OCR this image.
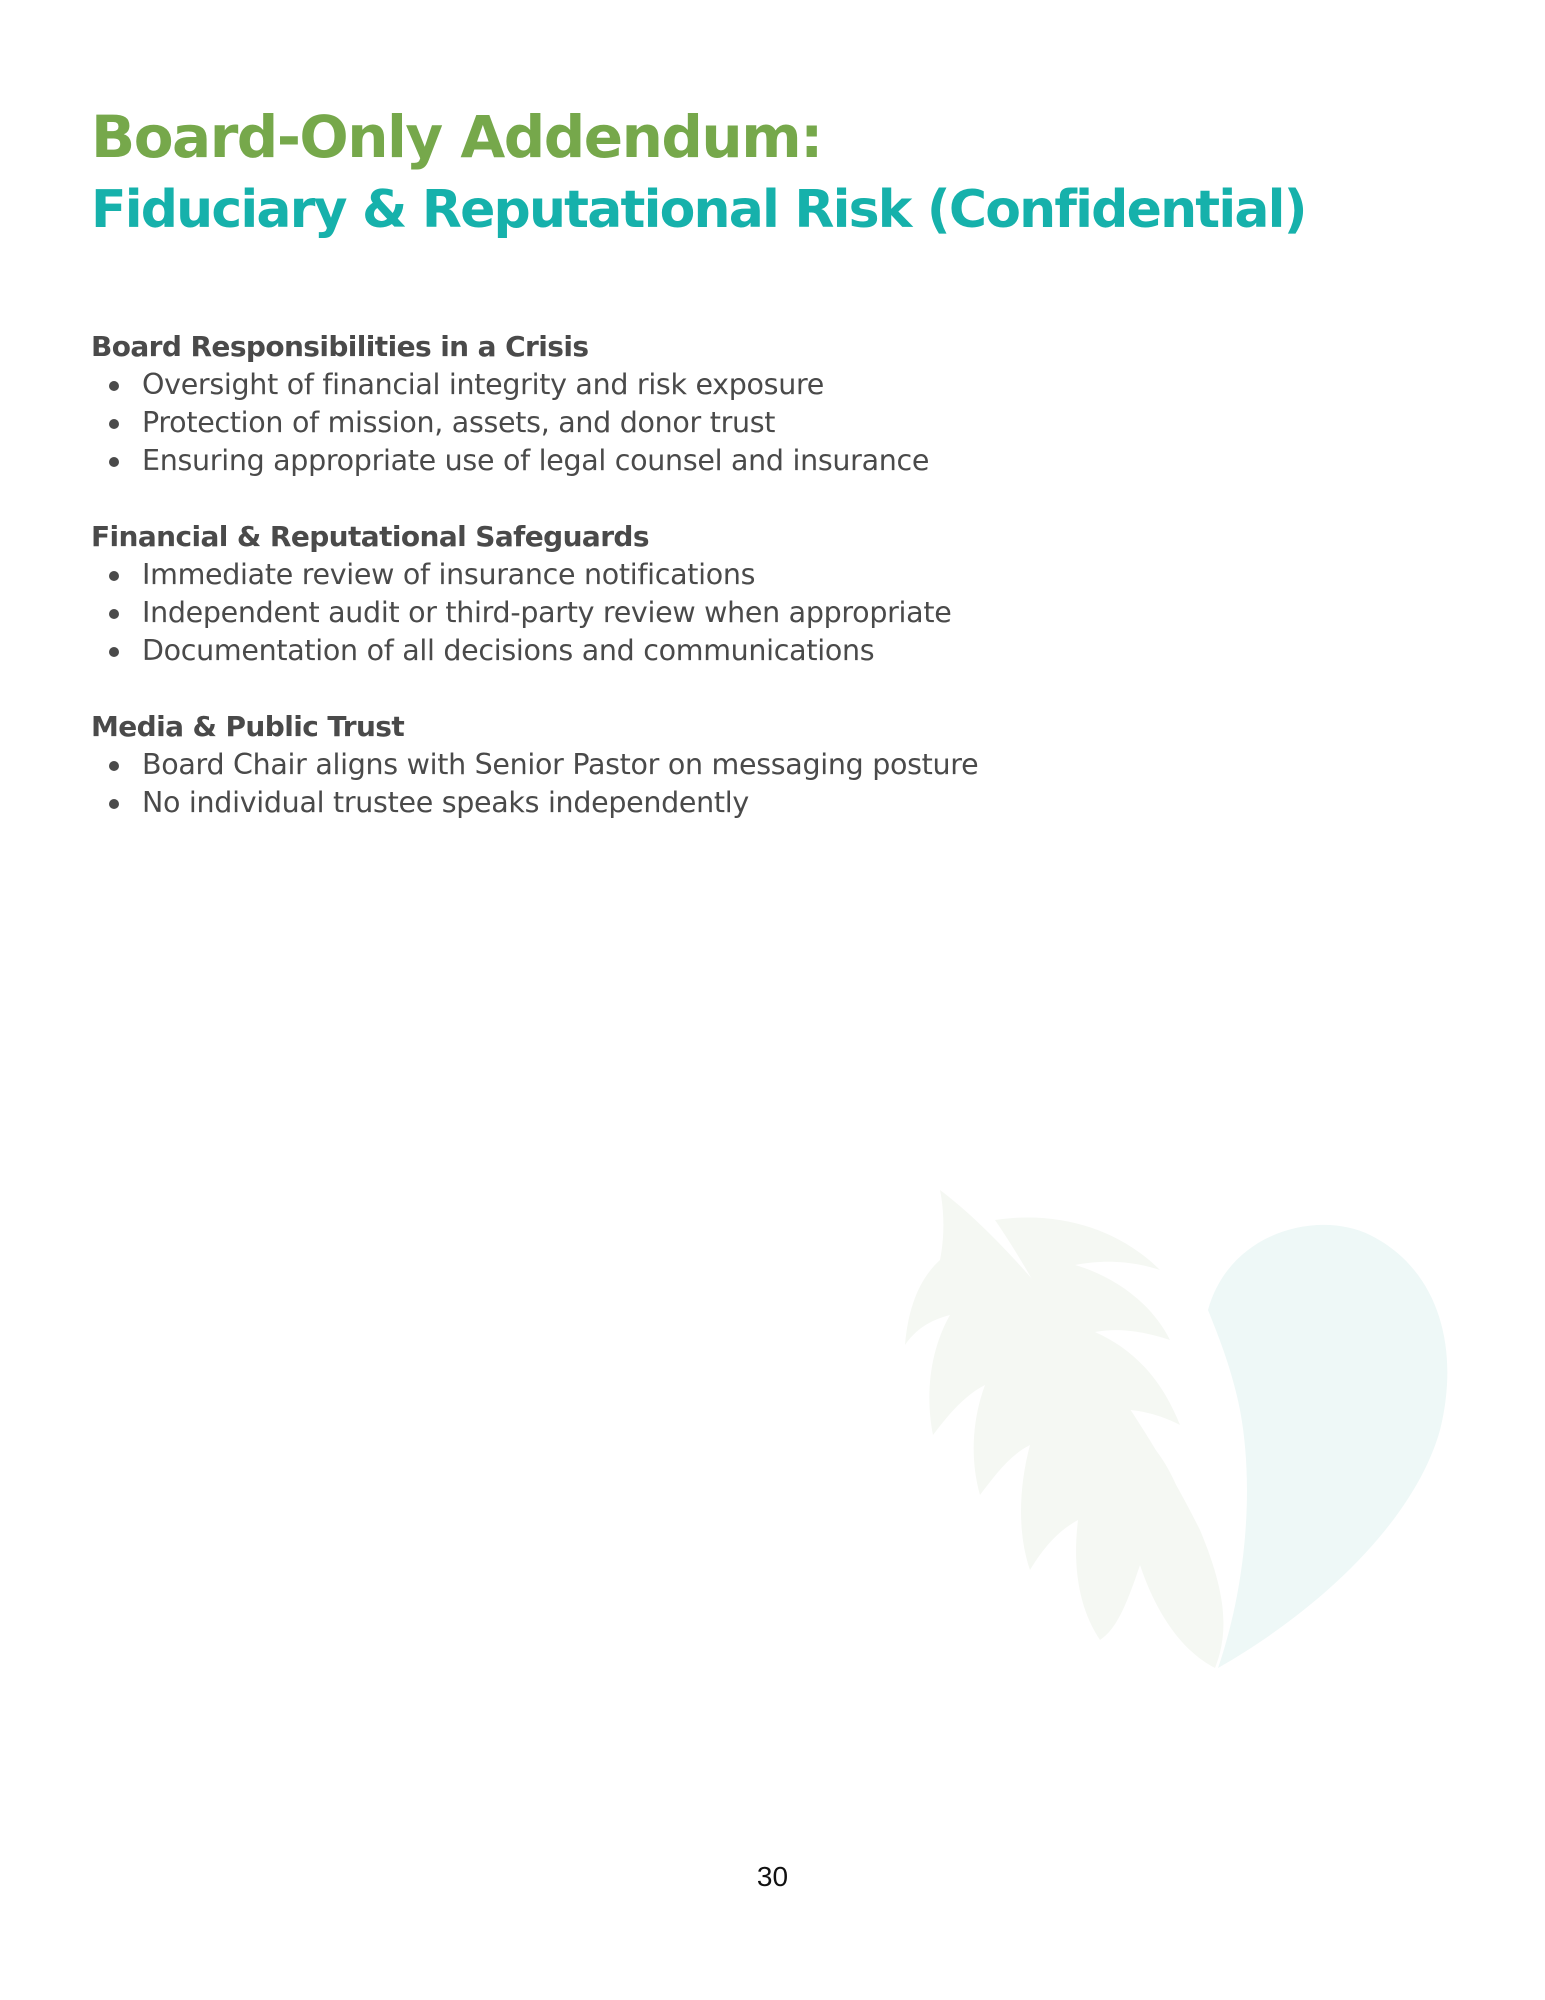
Board-Only Addendum:
Fiduciary & Reputational Risk (Confidential)
Board Responsibilities in a Crisis
Oversight of financial integrity and risk exposure
Protection of mission, assets, and donor trust
Ensuring appropriate use of legal counsel and insurance
Financial & Reputational Safeguards
Immediate review of insurance notifications
Independent audit or third-party review when appropriate
Documentation of all decisions and communications
Media & Public Trust
Board Chair aligns with Senior Pastor on messaging posture
No individual trustee speaks independently
30
